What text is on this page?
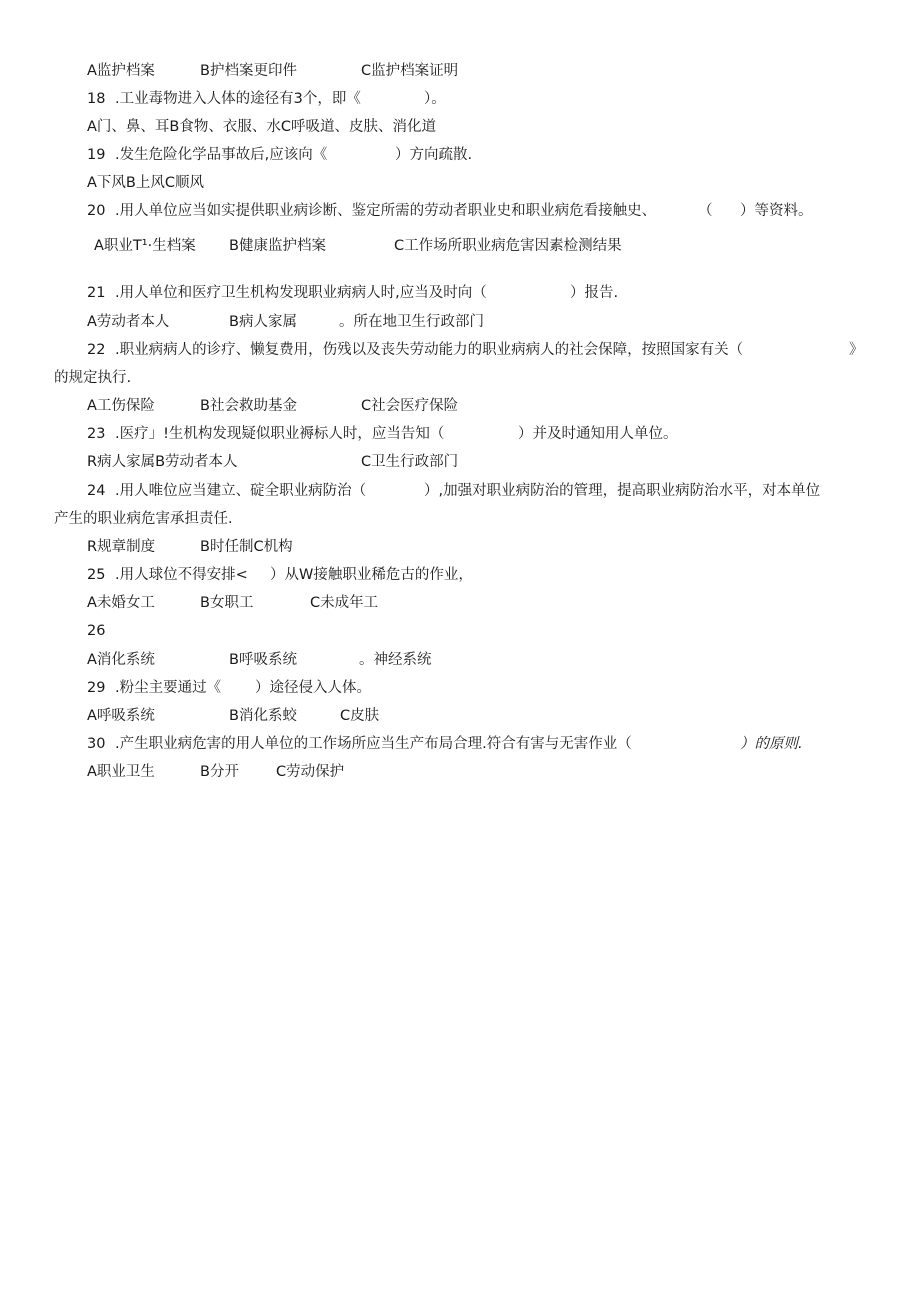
A监护档案	B护档案更印件	C监护档案证明
18 .工业毒物进入人体的途径有3个，即《	）。
A门、鼻、耳B食物、衣服、水C呼吸道、皮肤、消化道
19 .发生危险化学品事故后,应该向《	）方向疏散.
A下风B上风C顺风
20 .用人单位应当如实提供职业病诊断、鉴定所需的劳动者职业史和职业病危看接触史、	（ ）等资料。
A职业T¹·生档案 B健康监护档案	C工作场所职业病危害因素检测结果
21 .用人单位和医疗卫生机构发现职业病病人时,应当及时向（	）报告.
A劳动者本人	B病人家属	。所在地卫生行政部门
22 .职业病病人的诊疗、懒复费用，伤残以及丧失劳动能力的职业病病人的社会保障，按照国家有关（	》
的规定执行.
A工伤保险	B社会救助基金	C社会医疗保险
23 .医疗」!生机构发现疑似职业褥标人时，应当告知（	）并及时通知用人单位。
R病人家属B劳动者本人	C卫生行政部门
24 .用人唯位应当建立、碇全职业病防治（	）,加强对职业病防治的管理，提高职业病防治水平，对本单位
产生的职业病危害承担责任.
R规章制度	B时任制C机构
25 .用人球位不得安排< ）从W接触职业稀危古的作业，
A未婚女工	B女职工	C未成年工
26
A消化系统	B呼吸系统	。神经系统
29 .粉尘主要通过《 ）途径侵入人体。
A呼吸系统	B消化系蛟	C皮肤
30 .产生职业病危害的用人单位的工作场所应当生产布局合理.符合有害与无害作业（	）的原则.
A职业卫生	B分开	C劳动保护
